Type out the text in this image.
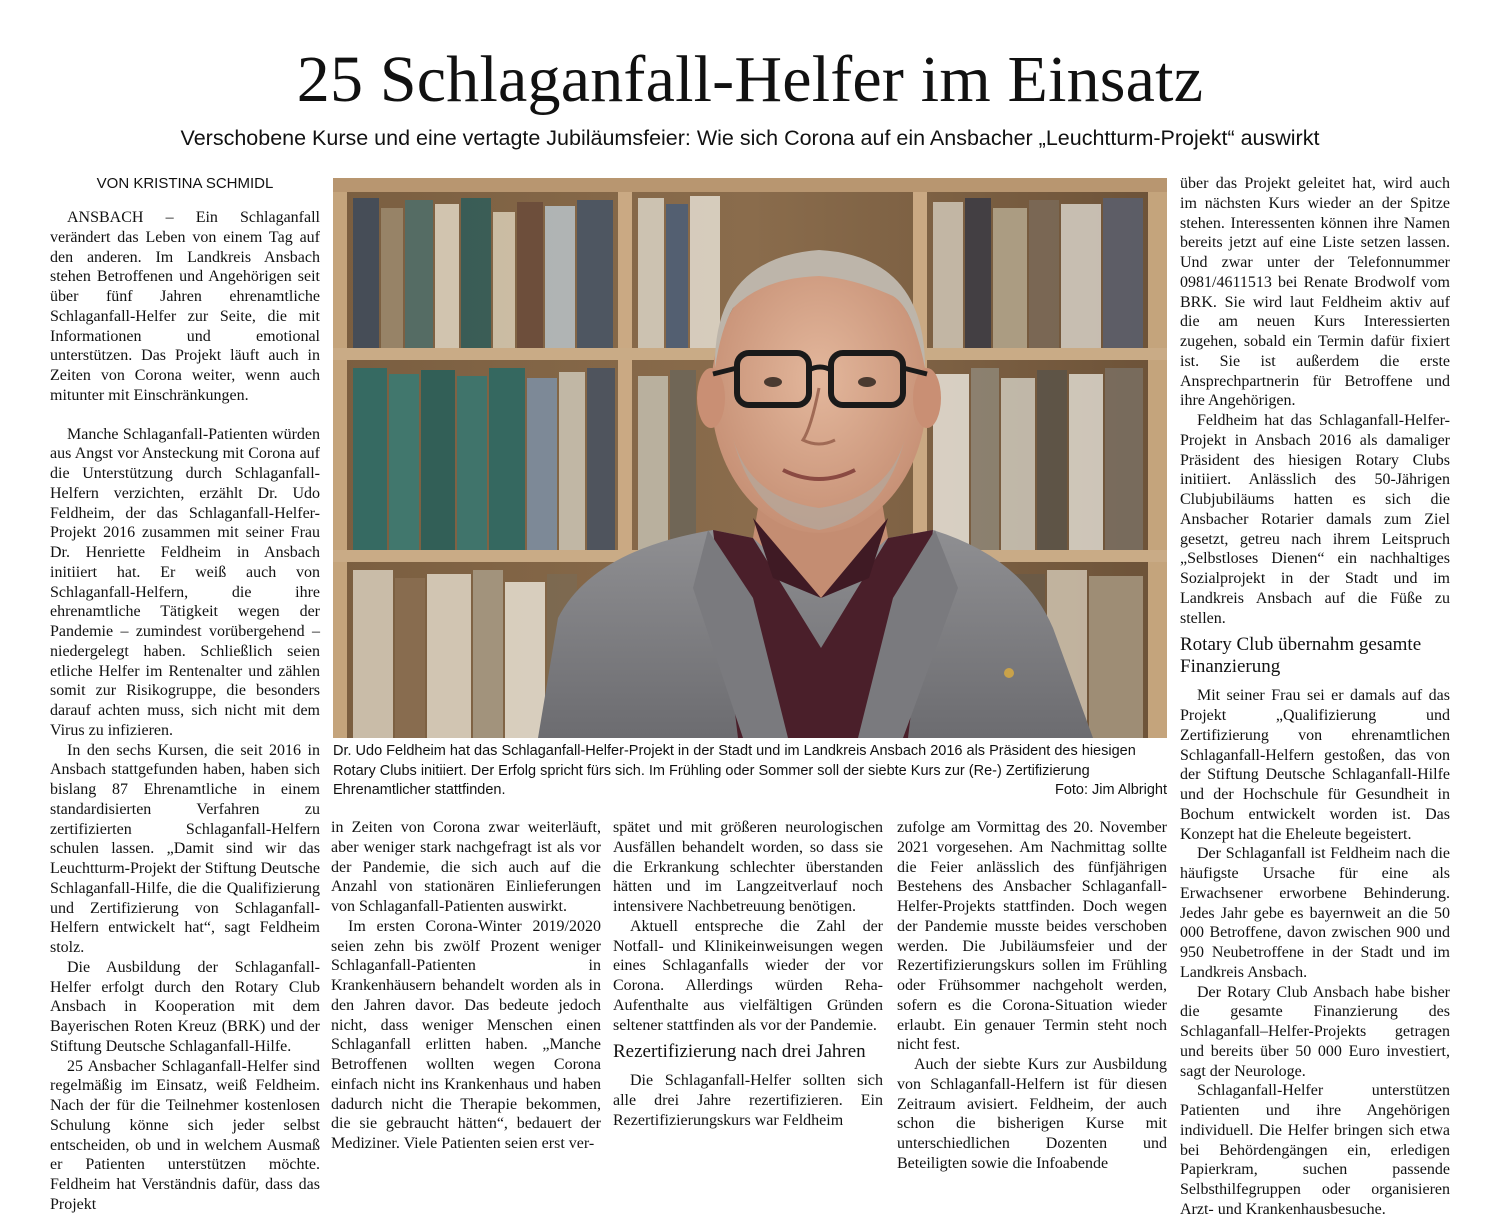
25 Schlaganfall-Helfer im Einsatz

Verschobene Kurse und eine vertagte Jubiläumsfeier: Wie sich Corona auf ein Ansbacher „Leuchtturm-Projekt“ auswirkt

VON KRISTINA SCHMIDL

ANSBACH – Ein Schlaganfall verändert das Leben von einem Tag auf den anderen. Im Landkreis Ansbach stehen Betroffenen und Angehörigen seit über fünf Jahren ehrenamtliche Schlaganfall-Helfer zur Seite, die mit Informationen und emotional unterstützen. Das Projekt läuft auch in Zeiten von Corona weiter, wenn auch mitunter mit Einschränkungen.

Manche Schlaganfall-Patienten würden aus Angst vor Ansteckung mit Corona auf die Unterstützung durch Schlaganfall-Helfern verzichten, erzählt Dr. Udo Feldheim, der das Schlaganfall-Helfer-Projekt 2016 zusammen mit seiner Frau Dr. Henriette Feldheim in Ansbach initiiert hat. Er weiß auch von Schlaganfall-Helfern, die ihre ehrenamtliche Tätigkeit wegen der Pandemie – zumindest vorübergehend – niedergelegt haben. Schließlich seien etliche Helfer im Rentenalter und zählen somit zur Risikogruppe, die besonders darauf achten muss, sich nicht mit dem Virus zu infizieren.

In den sechs Kursen, die seit 2016 in Ansbach stattgefunden haben, haben sich bislang 87 Ehrenamtliche in einem standardisierten Verfahren zu zertifizierten Schlaganfall-Helfern schulen lassen. „Damit sind wir das Leuchtturm-Projekt der Stiftung Deutsche Schlaganfall-Hilfe, die die Qualifizierung und Zertifizierung von Schlaganfall-Helfern entwickelt hat“, sagt Feldheim stolz.

Die Ausbildung der Schlaganfall-Helfer erfolgt durch den Rotary Club Ansbach in Kooperation mit dem Bayerischen Roten Kreuz (BRK) und der Stiftung Deutsche Schlaganfall-Hilfe.

25 Ansbacher Schlaganfall-Helfer sind regelmäßig im Einsatz, weiß Feldheim. Nach der für die Teilnehmer kostenlosen Schulung könne sich jeder selbst entscheiden, ob und in welchem Ausmaß er Patienten unterstützen möchte. Feldheim hat Verständnis dafür, dass das Projekt

Dr. Udo Feldheim hat das Schlaganfall-Helfer-Projekt in der Stadt und im Landkreis Ansbach 2016 als Präsident des hiesigen Rotary Clubs initiiert. Der Erfolg spricht fürs sich. Im Frühling oder Sommer soll der siebte Kurs zur (Re-) Zertifizierung Ehrenamtlicher stattfinden.	Foto: Jim Albright

in Zeiten von Corona zwar weiterläuft, aber weniger stark nachgefragt ist als vor der Pandemie, die sich auch auf die Anzahl von stationären Einlieferungen von Schlaganfall-Patienten auswirkt.

Im ersten Corona-Winter 2019/2020 seien zehn bis zwölf Prozent weniger Schlaganfall-Patienten in Krankenhäusern behandelt worden als in den Jahren davor. Das bedeute jedoch nicht, dass weniger Menschen einen Schlaganfall erlitten haben. „Manche Betroffenen wollten wegen Corona einfach nicht ins Krankenhaus und haben dadurch nicht die Therapie bekommen, die sie gebraucht hätten“, bedauert der Mediziner. Viele Patienten seien erst ver-

spätet und mit größeren neurologischen Ausfällen behandelt worden, so dass sie die Erkrankung schlechter überstanden hätten und im Langzeitverlauf noch intensivere Nachbetreuung benötigen.

Aktuell entspreche die Zahl der Notfall- und Klinikeinweisungen wegen eines Schlaganfalls wieder der vor Corona. Allerdings würden Reha-Aufenthalte aus vielfältigen Gründen seltener stattfinden als vor der Pandemie.

Rezertifizierung nach drei Jahren

Die Schlaganfall-Helfer sollten sich alle drei Jahre rezertifizieren. Ein Rezertifizierungskurs war Feldheim

zufolge am Vormittag des 20. November 2021 vorgesehen. Am Nachmittag sollte die Feier anlässlich des fünfjährigen Bestehens des Ansbacher Schlaganfall-Helfer-Projekts stattfinden. Doch wegen der Pandemie musste beides verschoben werden. Die Jubiläumsfeier und der Rezertifizierungskurs sollen im Frühling oder Frühsommer nachgeholt werden, sofern es die Corona-Situation wieder erlaubt. Ein genauer Termin steht noch nicht fest.

Auch der siebte Kurs zur Ausbildung von Schlaganfall-Helfern ist für diesen Zeitraum avisiert. Feldheim, der auch schon die bisherigen Kurse mit unterschiedlichen Dozenten und Beteiligten sowie die Infoabende

über das Projekt geleitet hat, wird auch im nächsten Kurs wieder an der Spitze stehen. Interessenten können ihre Namen bereits jetzt auf eine Liste setzen lassen. Und zwar unter der Telefonnummer 0981/4611513 bei Renate Brodwolf vom BRK. Sie wird laut Feldheim aktiv auf die am neuen Kurs Interessierten zugehen, sobald ein Termin dafür fixiert ist. Sie ist außerdem die erste Ansprechpartnerin für Betroffene und ihre Angehörigen.

Feldheim hat das Schlaganfall-Helfer-Projekt in Ansbach 2016 als damaliger Präsident des hiesigen Rotary Clubs initiiert. Anlässlich des 50-Jährigen Clubjubiläums hatten es sich die Ansbacher Rotarier damals zum Ziel gesetzt, getreu nach ihrem Leitspruch „Selbstloses Dienen“ ein nachhaltiges Sozialprojekt in der Stadt und im Landkreis Ansbach auf die Füße zu stellen.

Rotary Club übernahm gesamte Finanzierung

Mit seiner Frau sei er damals auf das Projekt „Qualifizierung und Zertifizierung von ehrenamtlichen Schlaganfall-Helfern gestoßen, das von der Stiftung Deutsche Schlaganfall-Hilfe und der Hochschule für Gesundheit in Bochum entwickelt worden ist. Das Konzept hat die Eheleute begeistert.

Der Schlaganfall ist Feldheim nach die häufigste Ursache für eine als Erwachsener erworbene Behinderung. Jedes Jahr gebe es bayernweit an die 50 000 Betroffene, davon zwischen 900 und 950 Neubetroffene in der Stadt und im Landkreis Ansbach.

Der Rotary Club Ansbach habe bisher die gesamte Finanzierung des Schlaganfall–Helfer-Projekts getragen und bereits über 50 000 Euro investiert, sagt der Neurologe.

Schlaganfall-Helfer unterstützen Patienten und ihre Angehörigen individuell. Die Helfer bringen sich etwa bei Behördengängen ein, erledigen Papierkram, suchen passende Selbsthilfegruppen oder organisieren Arzt- und Krankenhausbesuche.
